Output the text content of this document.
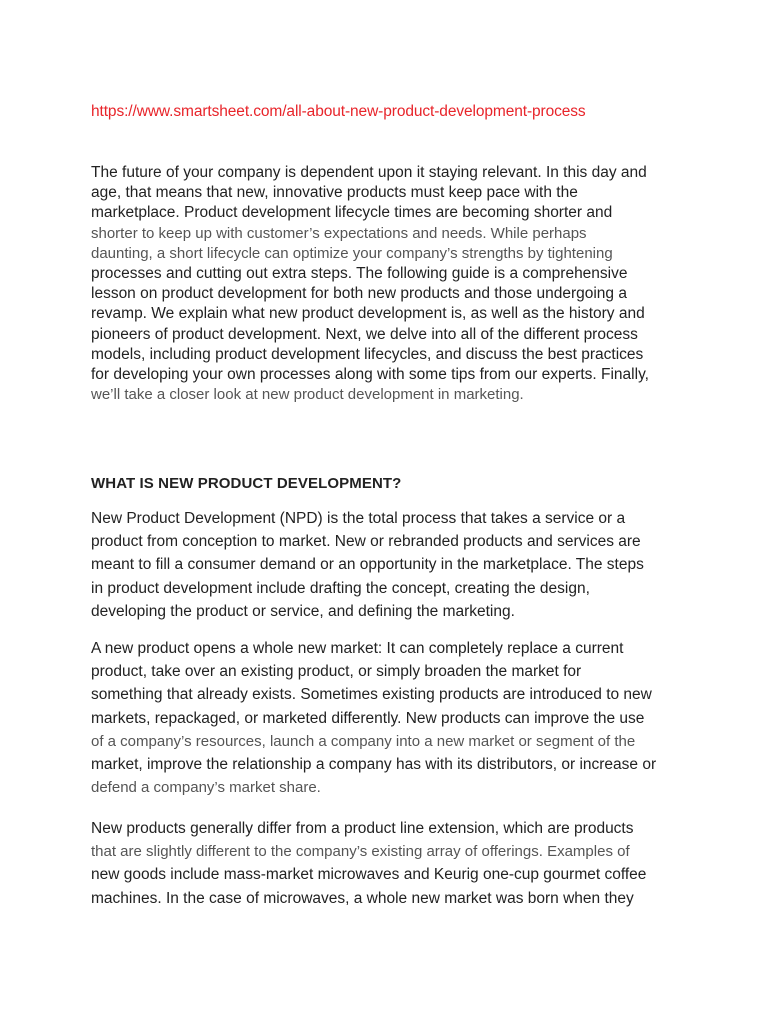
https://www.smartsheet.com/all-about-new-product-development-process
The future of your company is dependent upon it staying relevant. In this day and
age, that means that new, innovative products must keep pace with the
marketplace. Product development lifecycle times are becoming shorter and
shorter to keep up with customer’s expectations and needs. While perhaps
daunting, a short lifecycle can optimize your company’s strengths by tightening
processes and cutting out extra steps. The following guide is a comprehensive
lesson on product development for both new products and those undergoing a
revamp. We explain what new product development is, as well as the history and
pioneers of product development. Next, we delve into all of the different process
models, including product development lifecycles, and discuss the best practices
for developing your own processes along with some tips from our experts. Finally,
we’ll take a closer look at new product development in marketing.
WHAT IS NEW PRODUCT DEVELOPMENT?
New Product Development (NPD) is the total process that takes a service or a
product from conception to market. New or rebranded products and services are
meant to fill a consumer demand or an opportunity in the marketplace. The steps
in product development include drafting the concept, creating the design,
developing the product or service, and defining the marketing.
A new product opens a whole new market: It can completely replace a current
product, take over an existing product, or simply broaden the market for
something that already exists. Sometimes existing products are introduced to new
markets, repackaged, or marketed differently. New products can improve the use
of a company’s resources, launch a company into a new market or segment of the
market, improve the relationship a company has with its distributors, or increase or
defend a company’s market share.
New products generally differ from a product line extension, which are products
that are slightly different to the company’s existing array of offerings. Examples of
new goods include mass-market microwaves and Keurig one-cup gourmet coffee
machines. In the case of microwaves, a whole new market was born when they
